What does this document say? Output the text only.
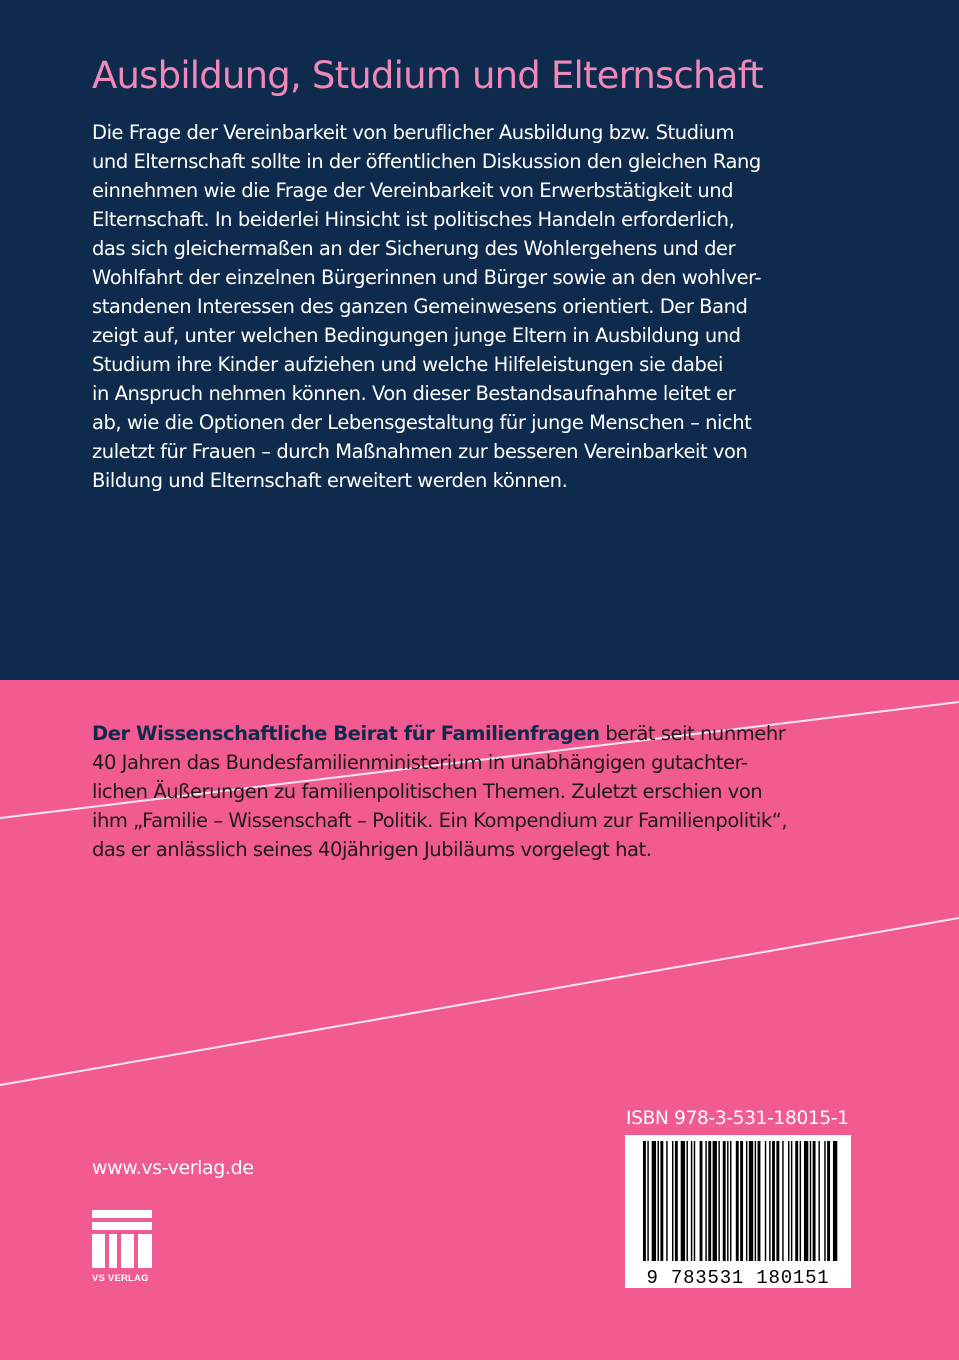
Ausbildung, Studium und Elternschaft
Die Frage der Vereinbarkeit von beruflicher Ausbildung bzw. Studium
und Elternschaft sollte in der öffentlichen Diskussion den gleichen Rang
einnehmen wie die Frage der Vereinbarkeit von Erwerbstätigkeit und
Elternschaft. In beiderlei Hinsicht ist politisches Handeln erforderlich,
das sich gleichermaßen an der Sicherung des Wohlergehens und der
Wohlfahrt der einzelnen Bürgerinnen und Bürger sowie an den wohlver-
standenen Interessen des ganzen Gemeinwesens orientiert. Der Band
zeigt auf, unter welchen Bedingungen junge Eltern in Ausbildung und
Studium ihre Kinder aufziehen und welche Hilfeleistungen sie dabei
in Anspruch nehmen können. Von dieser Bestandsaufnahme leitet er
ab, wie die Optionen der Lebensgestaltung für junge Menschen – nicht
zuletzt für Frauen – durch Maßnahmen zur besseren Vereinbarkeit von
Bildung und Elternschaft erweitert werden können.
Der Wissenschaftliche Beirat für Familienfragen berät seit nunmehr
40 Jahren das Bundesfamilienministerium in unabhängigen gutachter-
lichen Äußerungen zu familienpolitischen Themen. Zuletzt erschien von
ihm „Familie – Wissenschaft – Politik. Ein Kompendium zur Familienpolitik“,
das er anlässlich seines 40jährigen Jubiläums vorgelegt hat.
www.vs-verlag.de
VS VERLAG
ISBN 978-3-531-18015-1
9 783531 180151
